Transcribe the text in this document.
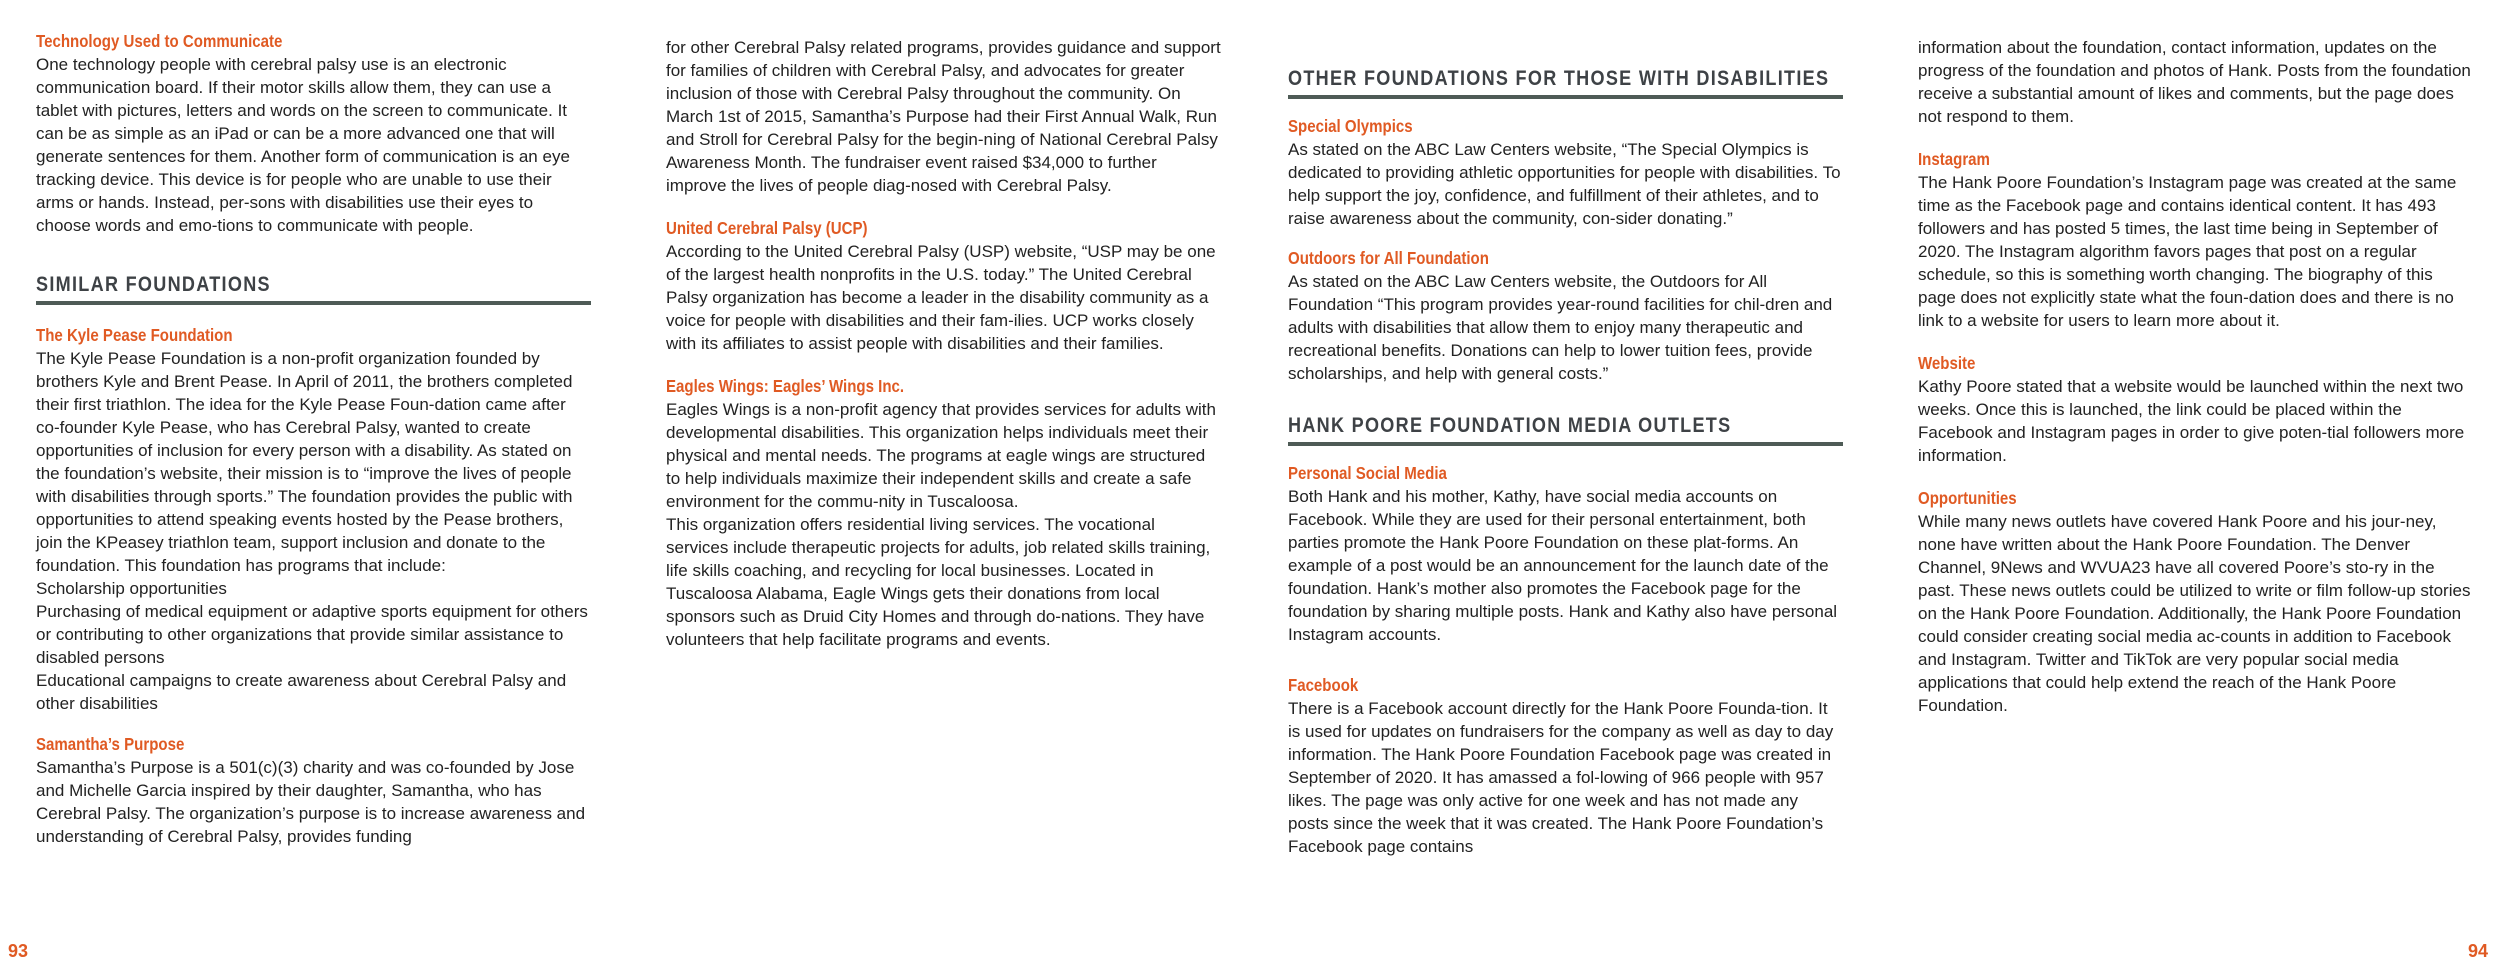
Technology Used to Communicate

One technology people with cerebral palsy use is an electronic communication board. If their motor skills allow them, they can use a tablet with pictures, letters and words on the screen to communicate. It can be as simple as an iPad or can be a more advanced one that will generate sentences for them. Another form of communication is an eye tracking device. This device is for people who are unable to use their arms or hands. Instead, per-sons with disabilities use their eyes to choose words and emo-tions to communicate with people.

SIMILAR FOUNDATIONS
The Kyle Pease Foundation

The Kyle Pease Foundation is a non-profit organization founded by brothers Kyle and Brent Pease. In April of 2011, the brothers completed their first triathlon. The idea for the Kyle Pease Foun-dation came after co-founder Kyle Pease, who has Cerebral Palsy, wanted to create opportunities of inclusion for every person with a disability. As stated on the foundation’s website, their mission is to “improve the lives of people with disabilities through sports.” The foundation provides the public with opportunities to attend speaking events hosted by the Pease brothers, join the KPeasey triathlon team, support inclusion and donate to the foundation. This foundation has programs that include:

Scholarship opportunities

Purchasing of medical equipment or adaptive sports equipment for others or contributing to other organizations that provide similar assistance to disabled persons

Educational campaigns to create awareness about Cerebral Palsy and other disabilities

Samantha’s Purpose

Samantha’s Purpose is a 501(c)(3) charity and was co-founded by Jose and Michelle Garcia inspired by their daughter, Samantha, who has Cerebral Palsy. The organization’s purpose is to increase awareness and understanding of Cerebral Palsy, provides funding

for other Cerebral Palsy related programs, provides guidance and support for families of children with Cerebral Palsy, and advocates for greater inclusion of those with Cerebral Palsy throughout the community. On March 1st of 2015, Samantha’s Purpose had their First Annual Walk, Run and Stroll for Cerebral Palsy for the begin-ning of National Cerebral Palsy Awareness Month. The fundraiser event raised $34,000 to further improve the lives of people diag-nosed with Cerebral Palsy.

United Cerebral Palsy (UCP)

According to the United Cerebral Palsy (USP) website, “USP may be one of the largest health nonprofits in the U.S. today.” The United Cerebral Palsy organization has become a leader in the disability community as a voice for people with disabilities and their fam-ilies. UCP works closely with its affiliates to assist people with disabilities and their families.

Eagles Wings: Eagles’ Wings Inc.

Eagles Wings is a non-profit agency that provides services for adults with developmental disabilities. This organization helps individuals meet their physical and mental needs. The programs at eagle wings are structured to help individuals maximize their independent skills and create a safe environment for the commu-nity in Tuscaloosa.

This organization offers residential living services. The vocational services include therapeutic projects for adults, job related skills training, life skills coaching, and recycling for local businesses. Located in Tuscaloosa Alabama, Eagle Wings gets their donations from local sponsors such as Druid City Homes and through do-nations. They have volunteers that help facilitate programs and events.

OTHER FOUNDATIONS FOR THOSE WITH DISABILITIES
Special Olympics

As stated on the ABC Law Centers website, “The Special Olympics is dedicated to providing athletic opportunities for people with disabilities. To help support the joy, confidence, and fulfillment of their athletes, and to raise awareness about the community, con-sider donating.”

Outdoors for All Foundation

As stated on the ABC Law Centers website, the Outdoors for All Foundation “This program provides year-round facilities for chil-dren and adults with disabilities that allow them to enjoy many therapeutic and recreational benefits. Donations can help to lower tuition fees, provide scholarships, and help with general costs.”

HANK POORE FOUNDATION MEDIA OUTLETS
Personal Social Media

Both Hank and his mother, Kathy, have social media accounts on Facebook. While they are used for their personal entertainment, both parties promote the Hank Poore Foundation on these plat-forms. An example of a post would be an announcement for the launch date of the foundation. Hank’s mother also promotes the Facebook page for the foundation by sharing multiple posts. Hank and Kathy also have personal Instagram accounts.

Facebook

There is a Facebook account directly for the Hank Poore Founda-tion. It is used for updates on fundraisers for the company as well as day to day information. The Hank Poore Foundation Facebook page was created in September of 2020. It has amassed a fol-lowing of 966 people with 957 likes. The page was only active for one week and has not made any posts since the week that it was created. The Hank Poore Foundation’s Facebook page contains

information about the foundation, contact information, updates on the progress of the foundation and photos of Hank. Posts from the foundation receive a substantial amount of likes and comments, but the page does not respond to them.

Instagram

The Hank Poore Foundation’s Instagram page was created at the same time as the Facebook page and contains identical content. It has 493 followers and has posted 5 times, the last time being in September of 2020. The Instagram algorithm favors pages that post on a regular schedule, so this is something worth changing. The biography of this page does not explicitly state what the foun-dation does and there is no link to a website for users to learn more about it.

Website

Kathy Poore stated that a website would be launched within the next two weeks. Once this is launched, the link could be placed within the Facebook and Instagram pages in order to give poten-tial followers more information.

Opportunities

While many news outlets have covered Hank Poore and his jour-ney, none have written about the Hank Poore Foundation. The Denver Channel, 9News and WVUA23 have all covered Poore’s sto-ry in the past. These news outlets could be utilized to write or film follow-up stories on the Hank Poore Foundation. Additionally, the Hank Poore Foundation could consider creating social media ac-counts in addition to Facebook and Instagram. Twitter and TikTok are very popular social media applications that could help extend the reach of the Hank Poore Foundation.

93	94
